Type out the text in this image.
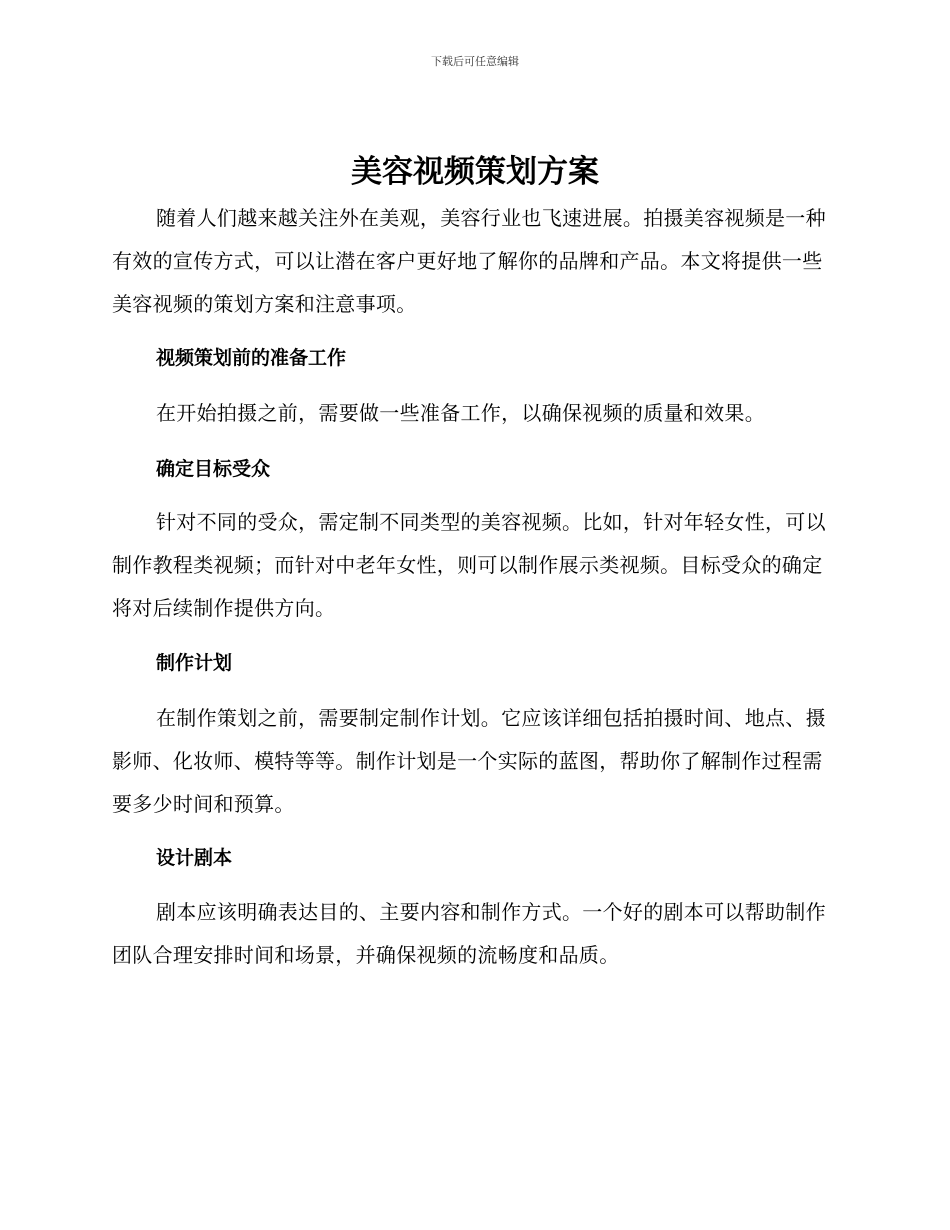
下载后可任意编辑
美容视频策划方案

随着人们越来越关注外在美观，美容行业也飞速进展。拍摄美容视频是一种有效的宣传方式，可以让潜在客户更好地了解你的品牌和产品。本文将提供一些美容视频的策划方案和注意事项。

视频策划前的准备工作

在开始拍摄之前，需要做一些准备工作，以确保视频的质量和效果。

确定目标受众

针对不同的受众，需定制不同类型的美容视频。比如，针对年轻女性，可以制作教程类视频；而针对中老年女性，则可以制作展示类视频。目标受众的确定将对后续制作提供方向。

制作计划

在制作策划之前，需要制定制作计划。它应该详细包括拍摄时间、地点、摄影师、化妆师、模特等等。制作计划是一个实际的蓝图，帮助你了解制作过程需要多少时间和预算。

设计剧本

剧本应该明确表达目的、主要内容和制作方式。一个好的剧本可以帮助制作团队合理安排时间和场景，并确保视频的流畅度和品质。
